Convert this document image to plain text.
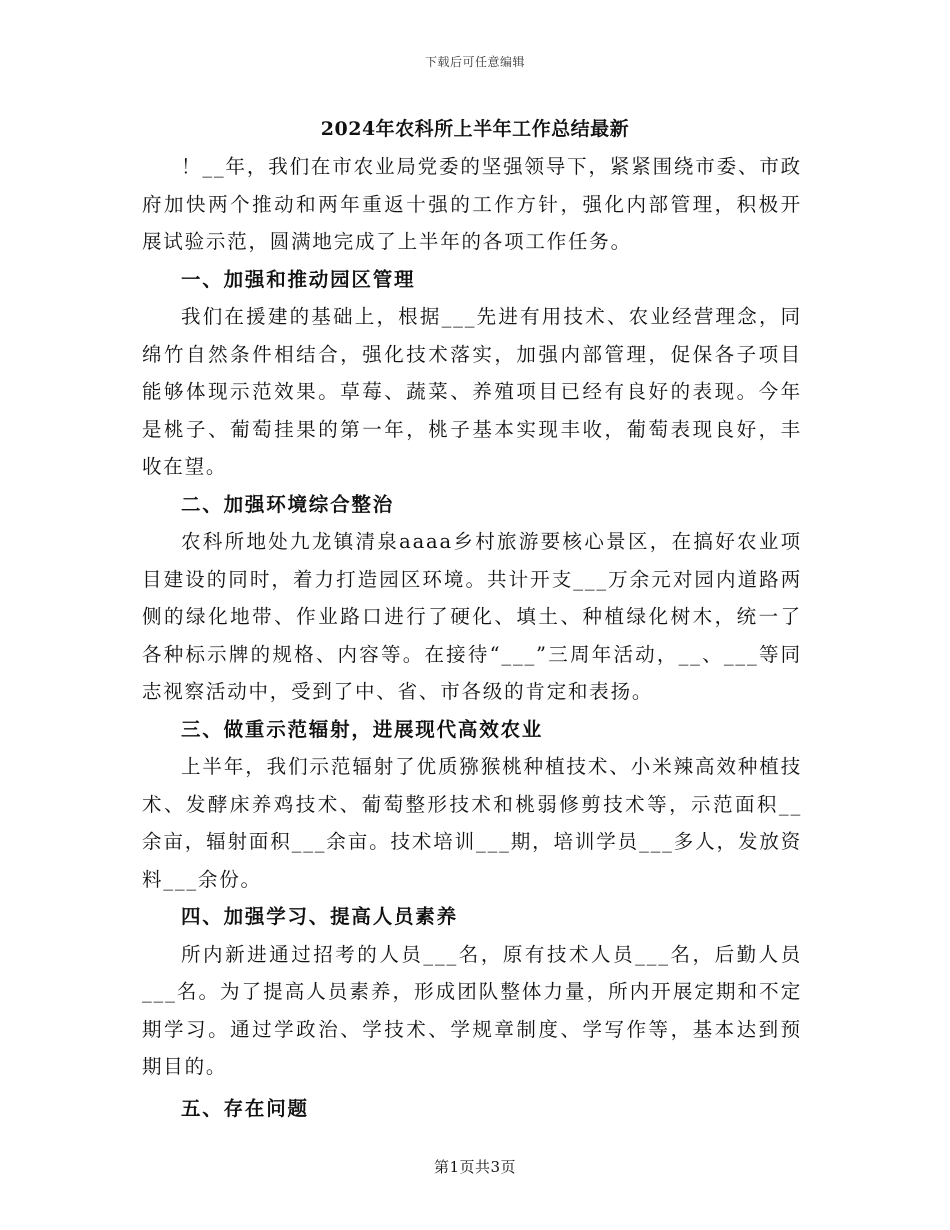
下载后可任意编辑
2024年农科所上半年工作总结最新

！__年，我们在市农业局党委的坚强领导下，紧紧围绕市委、市政府加快两个推动和两年重返十强的工作方针，强化内部管理，积极开展试验示范，圆满地完成了上半年的各项工作任务。

一、加强和推动园区管理

我们在援建的基础上，根据___先进有用技术、农业经营理念，同绵竹自然条件相结合，强化技术落实，加强内部管理，促保各子项目能够体现示范效果。草莓、蔬菜、养殖项目已经有良好的表现。今年是桃子、葡萄挂果的第一年，桃子基本实现丰收，葡萄表现良好，丰收在望。

二、加强环境综合整治

农科所地处九龙镇清泉aaaa乡村旅游要核心景区，在搞好农业项目建设的同时，着力打造园区环境。共计开支___万余元对园内道路两侧的绿化地带、作业路口进行了硬化、填土、种植绿化树木，统一了各种标示牌的规格、内容等。在接待“___”三周年活动，__、___等同志视察活动中，受到了中、省、市各级的肯定和表扬。

三、做重示范辐射，进展现代高效农业

上半年，我们示范辐射了优质猕猴桃种植技术、小米辣高效种植技术、发酵床养鸡技术、葡萄整形技术和桃弱修剪技术等，示范面积__余亩，辐射面积___余亩。技术培训___期，培训学员___多人，发放资料___余份。

四、加强学习、提高人员素养

所内新进通过招考的人员___名，原有技术人员___名，后勤人员___名。为了提高人员素养，形成团队整体力量，所内开展定期和不定期学习。通过学政治、学技术、学规章制度、学写作等，基本达到预期目的。

五、存在问题

第1页共3页
